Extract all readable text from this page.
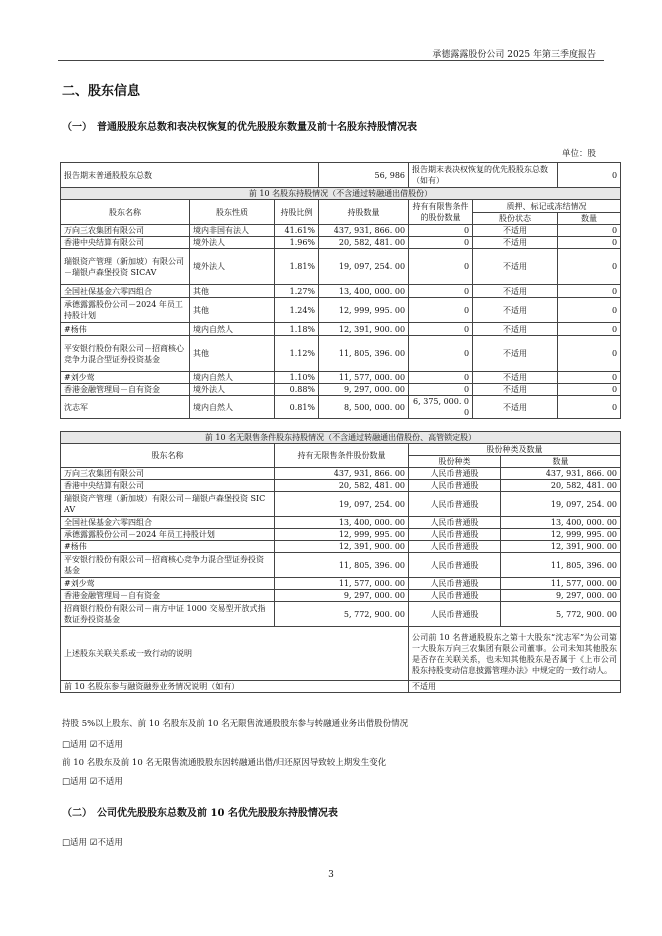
承德露露股份公司 2025 年第三季度报告
二、股东信息
（一）　普通股股东总数和表决权恢复的优先股股东数量及前十名股东持股情况表
单位：股
报告期末普通股股东总数			56, 986	报告期末表决权恢复的优先股股东总数（如有）		0
前 10 名股东持股情况（不含通过转融通出借股份）						
股东名称	股东性质	持股比例	持股数量	持有有限售条件的股份数量	质押、标记或冻结情况	
					股份状态	数量
万向三农集团有限公司	境内非国有法人	41.61%	437, 931, 866. 00	0	不适用	0
香港中央结算有限公司	境外法人	1.96%	20, 582, 481. 00	0	不适用	0
瑞银资产管理（新加坡）有限公司－瑞银卢森堡投资 SICAV	境外法人	1.81%	19, 097, 254. 00	0	不适用	0
全国社保基金六零四组合	其他	1.27%	13, 400, 000. 00	0	不适用	0
承德露露股份公司－2024 年员工持股计划	其他	1.24%	12, 999, 995. 00	0	不适用	0
#杨伟	境内自然人	1.18%	12, 391, 900. 00	0	不适用	0
平安银行股份有限公司－招商核心竞争力混合型证券投资基金	其他	1.12%	11, 805, 396. 00	0	不适用	0
#刘少莺	境内自然人	1.10%	11, 577, 000. 00	0	不适用	0
香港金融管理局－自有资金	境外法人	0.88%	9, 297, 000. 00	0	不适用	0
沈志军	境内自然人	0.81%	8, 500, 000. 00	6, 375, 000. 00	不适用	0
前 10 名无限售条件股东持股情况（不含通过转融通出借股份、高管锁定股）			
股东名称	持有无限售条件股份数量	股份种类及数量	
		股份种类	数量
万向三农集团有限公司	437, 931, 866. 00	人民币普通股	437, 931, 866. 00
香港中央结算有限公司	20, 582, 481. 00	人民币普通股	20, 582, 481. 00
瑞银资产管理（新加坡）有限公司－瑞银卢森堡投资 SICAV	19, 097, 254. 00	人民币普通股	19, 097, 254. 00
全国社保基金六零四组合	13, 400, 000. 00	人民币普通股	13, 400, 000. 00
承德露露股份公司－2024 年员工持股计划	12, 999, 995. 00	人民币普通股	12, 999, 995. 00
#杨伟	12, 391, 900. 00	人民币普通股	12, 391, 900. 00
平安银行股份有限公司－招商核心竞争力混合型证券投资基金	11, 805, 396. 00	人民币普通股	11, 805, 396. 00
#刘少莺	11, 577, 000. 00	人民币普通股	11, 577, 000. 00
香港金融管理局－自有资金	9, 297, 000. 00	人民币普通股	9, 297, 000. 00
招商银行股份有限公司－南方中证 1000 交易型开放式指数证券投资基金	5, 772, 900. 00	人民币普通股	5, 772, 900. 00
上述股东关联关系或一致行动的说明		公司前 10 名普通股股东之第十大股东“沈志军”为公司第一大股东万向三农集团有限公司董事。公司未知其他股东是否存在关联关系，也未知其他股东是否属于《上市公司股东持股变动信息披露管理办法》中规定的一致行动人。	
前 10 名股东参与融资融券业务情况说明（如有）		不适用	
持股 5%以上股东、前 10 名股东及前 10 名无限售流通股股东参与转融通业务出借股份情况
□适用 ☑不适用
前 10 名股东及前 10 名无限售流通股股东因转融通出借/归还原因导致较上期发生变化
□适用 ☑不适用
（二）　公司优先股股东总数及前 10 名优先股股东持股情况表
□适用 ☑不适用
3
